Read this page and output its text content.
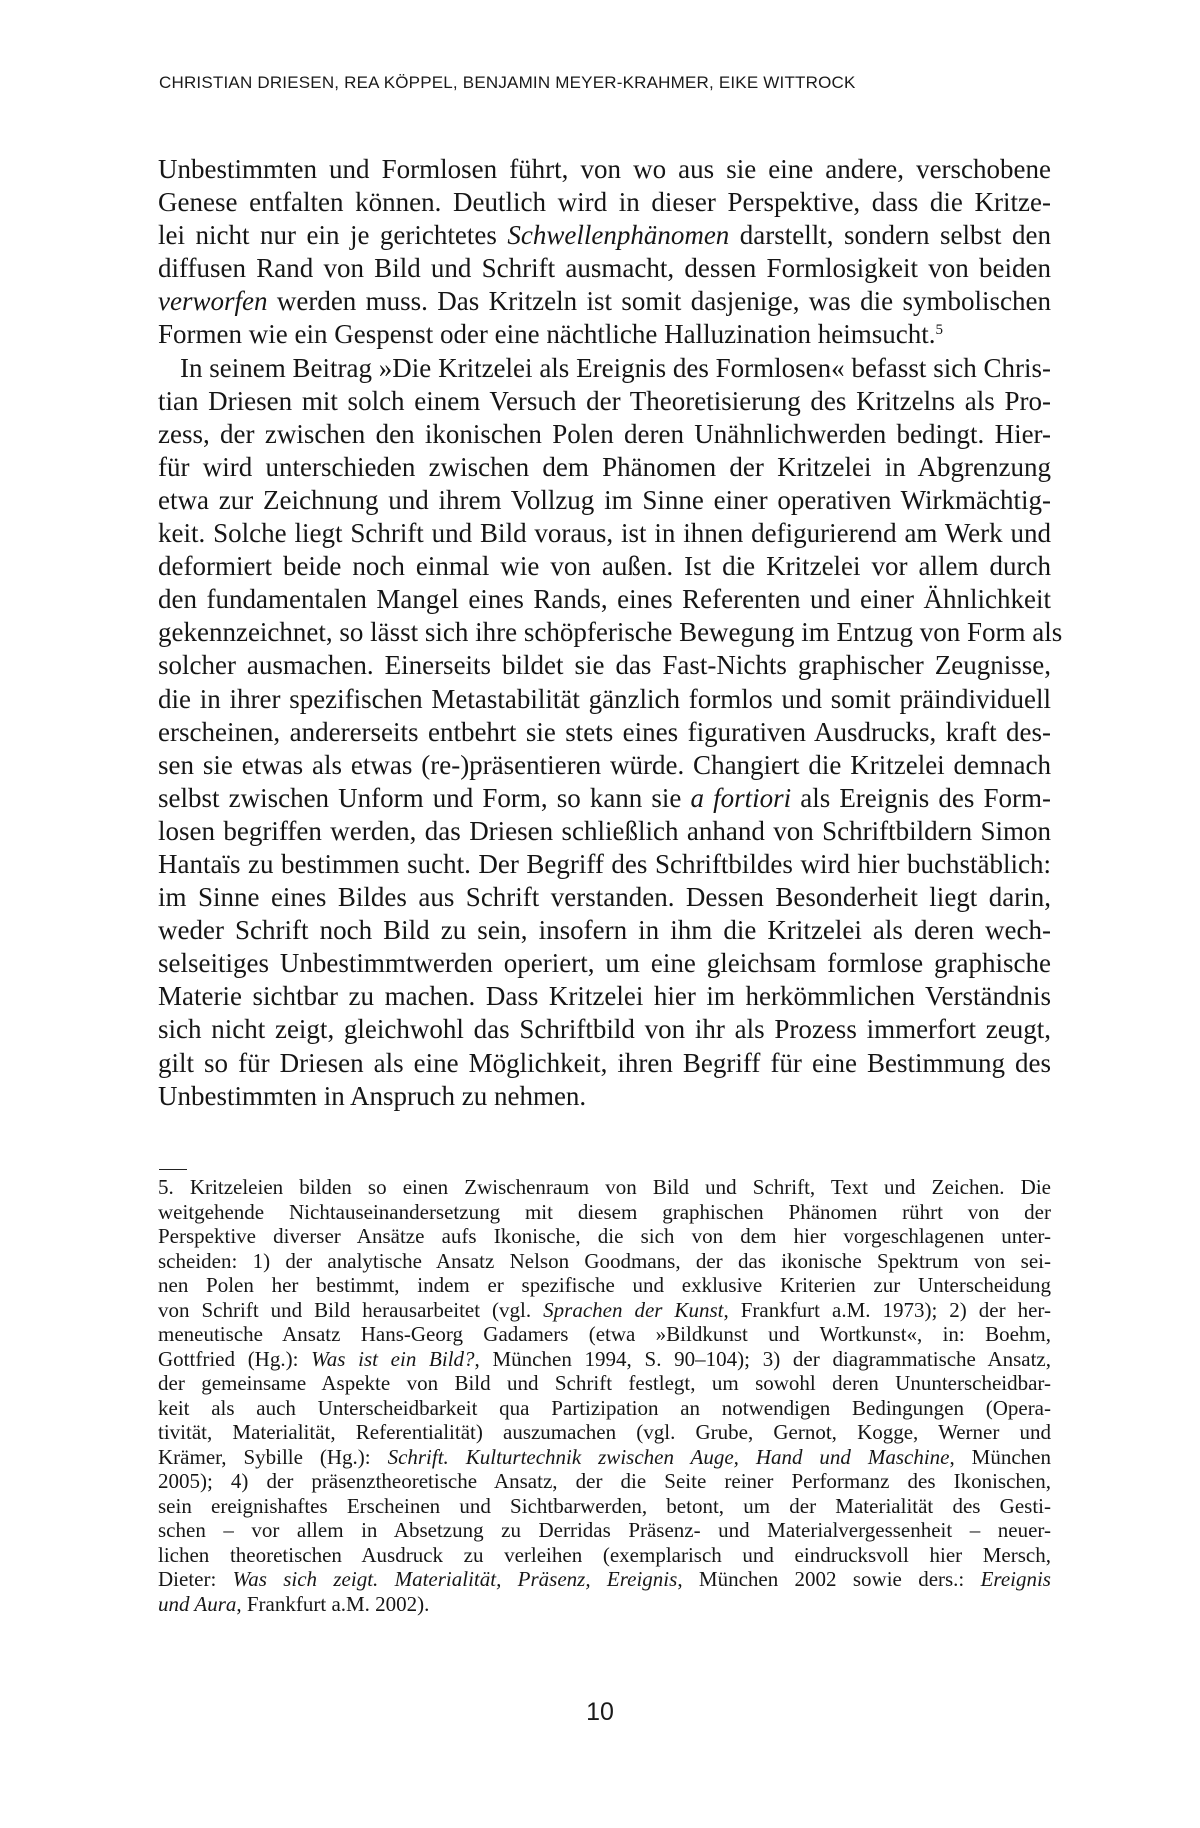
CHRISTIAN DRIESEN, REA KÖPPEL, BENJAMIN MEYER-KRAHMER, EIKE WITTROCK
Unbestimmten und Formlosen führt, von wo aus sie eine andere, verschobene
Genese entfalten können. Deutlich wird in dieser Perspektive, dass die Kritze-
lei nicht nur ein je gerichtetes Schwellenphänomen darstellt, sondern selbst den
diffusen Rand von Bild und Schrift ausmacht, dessen Formlosigkeit von beiden
verworfen werden muss. Das Kritzeln ist somit dasjenige, was die symbolischen
Formen wie ein Gespenst oder eine nächtliche Halluzination heimsucht.$^5$
In seinem Beitrag »Die Kritzelei als Ereignis des Formlosen« befasst sich Chris-
tian Driesen mit solch einem Versuch der Theoretisierung des Kritzelns als Pro-
zess, der zwischen den ikonischen Polen deren Unähnlichwerden bedingt. Hier-
für wird unterschieden zwischen dem Phänomen der Kritzelei in Abgrenzung
etwa zur Zeichnung und ihrem Vollzug im Sinne einer operativen Wirkmächtig-
keit. Solche liegt Schrift und Bild voraus, ist in ihnen defigurierend am Werk und
deformiert beide noch einmal wie von außen. Ist die Kritzelei vor allem durch
den fundamentalen Mangel eines Rands, eines Referenten und einer Ähnlichkeit
gekennzeichnet, so lässt sich ihre schöpferische Bewegung im Entzug von Form als
solcher ausmachen. Einerseits bildet sie das Fast-Nichts graphischer Zeugnisse,
die in ihrer spezifischen Metastabilität gänzlich formlos und somit präindividuell
erscheinen, andererseits entbehrt sie stets eines figurativen Ausdrucks, kraft des-
sen sie etwas als etwas (re-)präsentieren würde. Changiert die Kritzelei demnach
selbst zwischen Unform und Form, so kann sie a fortiori als Ereignis des Form-
losen begriffen werden, das Driesen schließlich anhand von Schriftbildern Simon
Hantaïs zu bestimmen sucht. Der Begriff des Schriftbildes wird hier buchstäblich:
im Sinne eines Bildes aus Schrift verstanden. Dessen Besonderheit liegt darin,
weder Schrift noch Bild zu sein, insofern in ihm die Kritzelei als deren wech-
selseitiges Unbestimmtwerden operiert, um eine gleichsam formlose graphische
Materie sichtbar zu machen. Dass Kritzelei hier im herkömmlichen Verständnis
sich nicht zeigt, gleichwohl das Schriftbild von ihr als Prozess immerfort zeugt,
gilt so für Driesen als eine Möglichkeit, ihren Begriff für eine Bestimmung des
Unbestimmten in Anspruch zu nehmen.
5. Kritzeleien bilden so einen Zwischenraum von Bild und Schrift, Text und Zeichen. Die
weitgehende Nichtauseinandersetzung mit diesem graphischen Phänomen rührt von der
Perspektive diverser Ansätze aufs Ikonische, die sich von dem hier vorgeschlagenen unter-
scheiden: 1) der analytische Ansatz Nelson Goodmans, der das ikonische Spektrum von sei-
nen Polen her bestimmt, indem er spezifische und exklusive Kriterien zur Unterscheidung
von Schrift und Bild herausarbeitet (vgl. Sprachen der Kunst, Frankfurt a.M. 1973); 2) der her-
meneutische Ansatz Hans-Georg Gadamers (etwa »Bildkunst und Wortkunst«, in: Boehm,
Gottfried (Hg.): Was ist ein Bild?, München 1994, S. 90–104); 3) der diagrammatische Ansatz,
der gemeinsame Aspekte von Bild und Schrift festlegt, um sowohl deren Ununterscheidbar-
keit als auch Unterscheidbarkeit qua Partizipation an notwendigen Bedingungen (Opera-
tivität, Materialität, Referentialität) auszumachen (vgl. Grube, Gernot, Kogge, Werner und
Krämer, Sybille (Hg.): Schrift. Kulturtechnik zwischen Auge, Hand und Maschine, München
2005); 4) der präsenztheoretische Ansatz, der die Seite reiner Performanz des Ikonischen,
sein ereignishaftes Erscheinen und Sichtbarwerden, betont, um der Materialität des Gesti-
schen – vor allem in Absetzung zu Derridas Präsenz- und Materialvergessenheit – neuer-
lichen theoretischen Ausdruck zu verleihen (exemplarisch und eindrucksvoll hier Mersch,
Dieter: Was sich zeigt. Materialität, Präsenz, Ereignis, München 2002 sowie ders.: Ereignis
und Aura, Frankfurt a.M. 2002).
10
